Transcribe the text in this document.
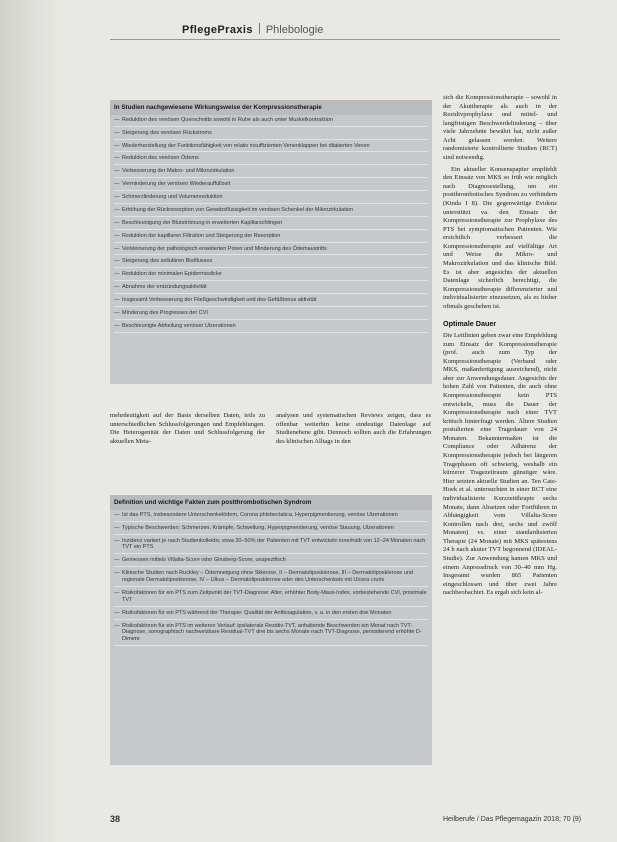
PflegePraxis Phlebologie
In Studien nachgewiesene Wirkungsweise der Kompressionstherapie
— Reduktion des venösen Querschnitts sowohl in Ruhe als auch unter Muskelkontraktion
— Steigerung des venösen Rückstroms
— Wiederherstellung der Funktionsfähigkeit von relativ insuffizienten Venenklappen bei dilatierten Venen
— Reduktion des venösen Ödems
— Verbesserung der Makro- und Mikrozirkulation
— Verminderung der venösen Wiederauffüllzeit
— Schmerzlinderung und Volumenreduktion
— Erhöhung der Rückresorption von Gewebsflüssigkeit im venösen Schenkel der Mikrozirkulation
— Beschleunigung der Blutströmung in erweiterten Kapillarschlingen
— Reduktion der kapillaren Filtration und Steigerung der Resorption
— Verkleinerung der pathologisch erweiterten Poren und Minderung des Ödemaustritts
— Steigerung des zellulären Blutflusses
— Reduktion der minimalen Epidermisdicke
— Abnahme der entzündungsaktivität
— Insgesamt Verbesserung der Fließgeschwindigkeit und des Gefäßtonus aktivität
— Minderung des Progresses der CVI
— Beschleunigte Abheilung venöser Ulzerationen

mehrdeutigkeit auf der Basis derselben Daten, teils zu unterschiedlichen Schlussfolgerungen und Empfehlungen. Die Heterogenität der Daten und Schlussfolgerung der aktuellen Meta-

analysen und systematischen Reviews zeigen, dass es offenbar weiterhin keine eindeutige Datenlage auf Studienebene gibt. Dennoch sollten auch die Erfahrungen des klinischen Alltags in den

Definition und wichtige Fakten zum postthrombotischen Syndrom
— Ist das PTS, insbesondere Unterschenkelödem, Corona phlebectatica, Hyperpigmentierung, venöse Ulzerationen
— Typische Beschwerden: Schmerzen, Krämpfe, Schwellung, Hyperpigmentierung, venöse Stauung, Ulzerationen
— Inzidenz variiert je nach Studienkollektiv, etwa 20–50% der Patienten mit TVT entwickeln innerhalb von 12–24 Monaten nach TVT ein PTS
— Gemessen mittels Villalta-Score oder Ginsberg-Score, unspezifisch
— Klinische Studien nach Ruckley – Ödemneigung ohne Sklerose, II – Dermatoliposklerose, III – Dermatoliposklerose und regionale Dermatoliposklerose, IV – Ulkus – Dermatoliposklerose oder des Unterschenkels mit Ulcera cruris
— Risikofaktoren für ein PTS zum Zeitpunkt der TVT-Diagnose: Alter, erhöhter Body-Mass-Index, vorbestehende CVI, proximale TVT
— Risikofaktoren für ein PTS während der Therapie: Qualität der Antikoagulation, v. a. in den ersten drei Monaten
— Risikofaktoren für ein PTS im weiteren Verlauf: ipsilaterale Rezidiv-TVT, anhaltende Beschwerden ein Monat nach TVT-Diagnose, sonographisch nachweisbare Residual-TVT drei bis sechs Monate nach TVT-Diagnose, persistierend erhöhte D-Dimere

sich die Kompressionstherapie – sowohl in der Akuttherapie als auch in der Rezidivprophylaxe und mittel- und langfristigen Beschwerdelinderung – über viele Jahrzehnte bewährt hat, nicht außer Acht gelassen werden. Weitere randomisierte kontrollierte Studien (RCT) sind notwendig.

Ein aktueller Konsenspapier empfiehlt den Einsatz von MKS so früh wie möglich nach Diagnosestellung, um ein postthrombotisches Syndrom zu verhindern (Kinda I 8). Die gegenwärtige Evidenz unterstützt va. den Einsatz der Kompressionstherapie zur Prophylaxe des PTS bei symptomatischen Patienten. Wie ersichtlich verbessert die Kompressionstherapie auf vielfältige Art und Weise die Mikro- und Makrozirkulation und das klinische Bild. Es ist aber angesichts der aktuellen Datenlage sicherlich berechtigt, die Kompressionstherapie differenzierter und individualisierter einzusetzen, als es bisher oftmals geschehen ist.

Optimale Dauer

Die Leitlinien geben zwar eine Empfehlung zum Einsatz der Kompressionstherapie (prof. auch zum Typ der Kompressionstherapie (Verband oder MKS, maßanfertigung ausreichend), nicht aber zur Anwendungsdauer. Angesichts der hohen Zahl von Patienten, die auch ohne Kompressionstherapie kein PTS entwickeln, muss die Dauer der Kompressionstherapie nach einer TVT kritisch hinterfragt werden. Ältere Studien postulierten eine Tragedauer von 24 Monaten. Bekanntermaßen ist die Compliance oder Adhärenz der Kompressionstherapie jedoch bei längeren Tragephasen oft schwierig, weshalb ein kürzerer Tragezeitraum günstiger wäre. Hier setzten aktuelle Studien an. Ten Cate-Hoek et al. untersuchten in einer RCT eine individualisierte Kurzzeitthrapie sechs Monate, dann Absetzen oder Fortführen in Abhängigkeit vom Villalta-Score Kontrollen nach drei, sechs und zwölf Monaten) vs. einer standardisierten Therapie (24 Monate) mit MKS spätestens 24 h nach akuter TVT begonnend (IDEAL-Studie). Zur Anwendung kamen MKS und einem Anpressdruck von 30–40 mm Hg. Insgesamt wurden 865 Patienten eingeschlossen und über zwei Jahre nachbeobachtet. Es ergab sich kein al-

38	Heilberufe / Das Pflegemagazin 2018; 70 (9)
